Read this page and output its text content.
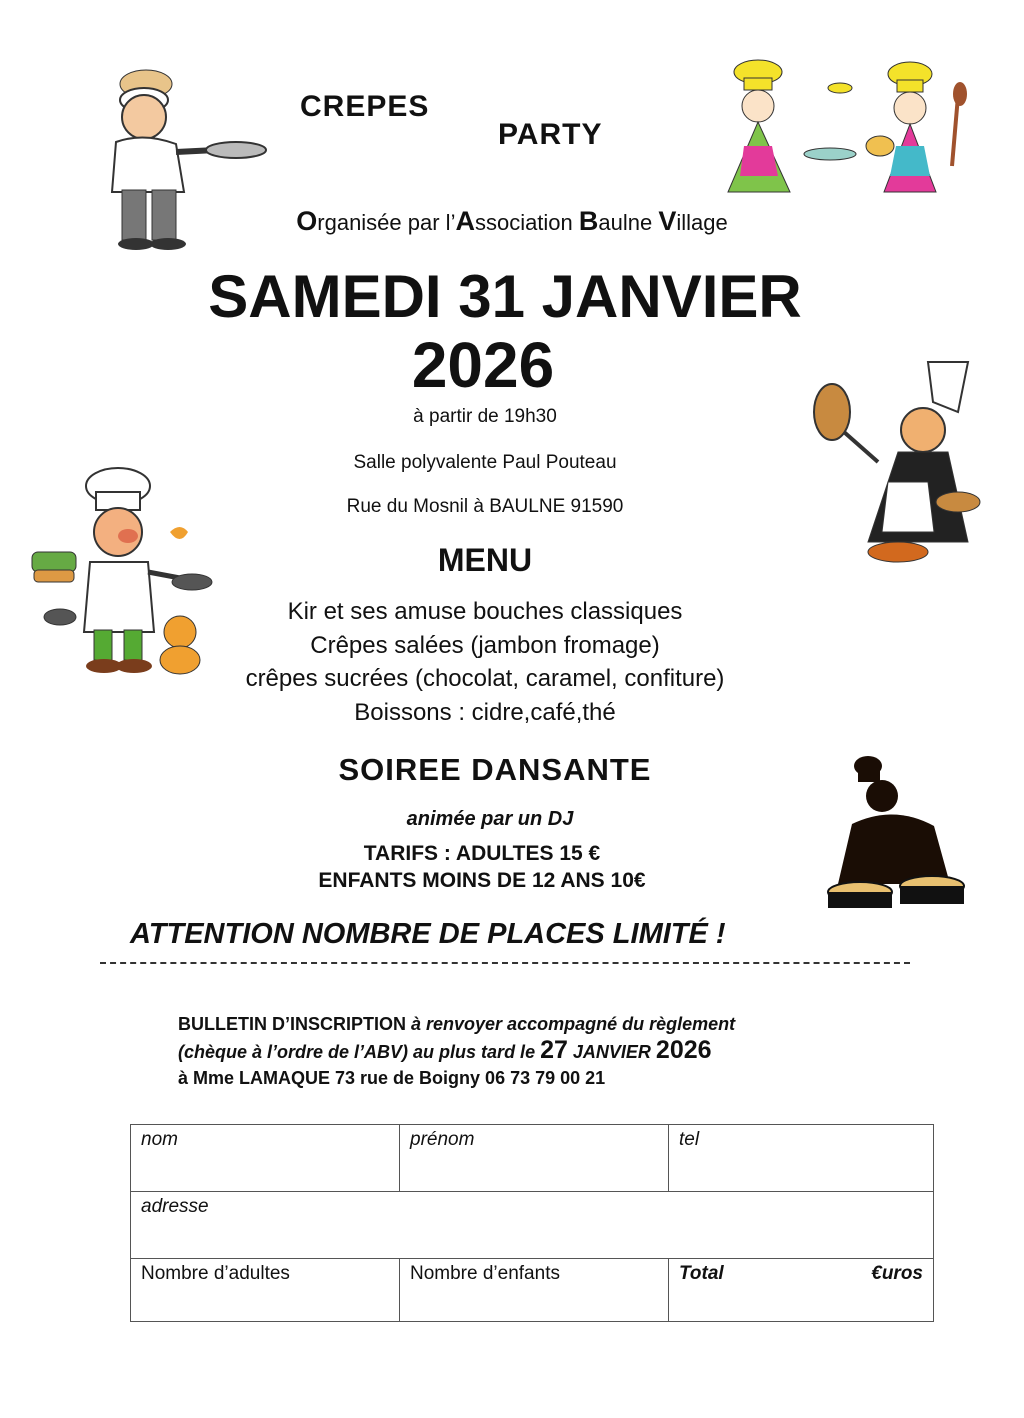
CREPES
PARTY
Organisée par l’Association Baulne Village
SAMEDI 31 JANVIER
2026
à partir de 19h30
Salle polyvalente Paul Pouteau
Rue du Mosnil à BAULNE 91590
MENU
Kir et ses amuse bouches classiques
Crêpes salées (jambon fromage)
crêpes sucrées (chocolat, caramel, confiture)
Boissons : cidre,café,thé
SOIREE DANSANTE
animée par un DJ
TARIFS : ADULTES 15 €
ENFANTS MOINS DE 12 ANS 10€
ATTENTION NOMBRE DE PLACES LIMITÉ !
BULLETIN D’INSCRIPTION à renvoyer accompagné du règlement
(chèque à l’ordre de l’ABV) au plus tard le 27 JANVIER 2026
à Mme LAMAQUE 73 rue de Boigny 06 73 79 00 21
nom	prénom	tel
adresse		
Nombre d’adultes	Nombre d’enfants	Total €uros
